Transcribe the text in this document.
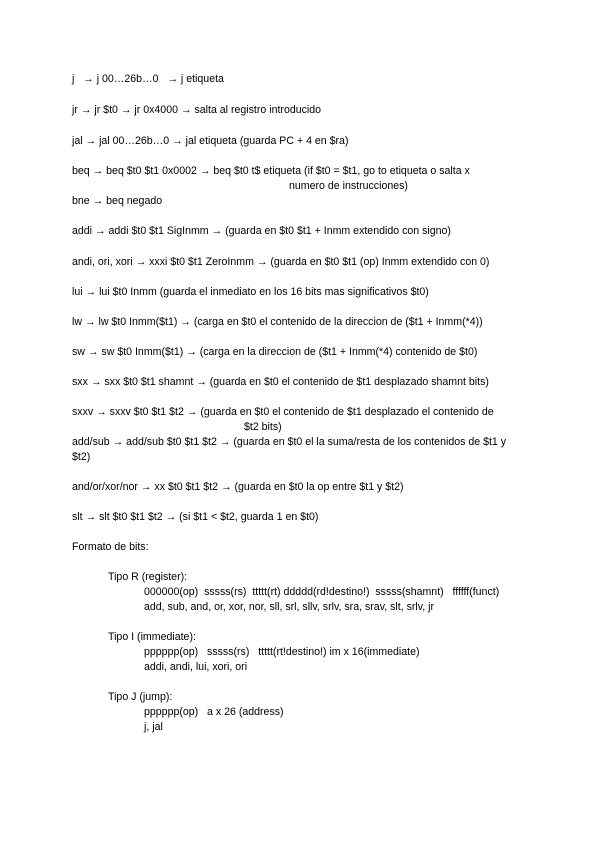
j   → j 00…26b…0   → j etiqueta
jr → jr $t0 → jr 0x4000 → salta al registro introducido
jal → jal 00…26b…0 → jal etiqueta (guarda PC + 4 en $ra)
beq → beq $t0 $t1 0x0002 → beq $t0 t$ etiqueta (if $t0 = $t1, go to etiqueta o salta x
numero de instrucciones)
bne → beq negado
addi → addi $t0 $t1 SigInmm → (guarda en $t0 $t1 + Inmm extendido con signo)
andi, ori, xori → xxxi $t0 $t1 ZeroInmm → (guarda en $t0 $t1 (op) Inmm extendido con 0)
lui → lui $t0 Inmm (guarda el inmediato en los 16 bits mas significativos $t0)
lw → lw $t0 Inmm($t1) → (carga en $t0 el contenido de la direccion de ($t1 + Inmm(*4))
sw → sw $t0 Inmm($t1) → (carga en la direccion de ($t1 + Inmm(*4) contenido de $t0)
sxx → sxx $t0 $t1 shamnt → (guarda en $t0 el contenido de $t1 desplazado shamnt bits)
sxxv → sxxv $t0 $t1 $t2 → (guarda en $t0 el contenido de $t1 desplazado el contenido de
$t2 bits)
add/sub → add/sub $t0 $t1 $t2 → (guarda en $t0 el la suma/resta de los contenidos de $t1 y
$t2)
and/or/xor/nor → xx $t0 $t1 $t2 → (guarda en $t0 la op entre $t1 y $t2)
slt → slt $t0 $t1 $t2 → (si $t1 < $t2, guarda 1 en $t0)
Formato de bits:
Tipo R (register):
000000(op)  sssss(rs)  ttttt(rt) ddddd(rd!destino!)  sssss(shamnt)   ffffff(funct)
add, sub, and, or, xor, nor, sll, srl, sllv, srlv, sra, srav, slt, srlv, jr
Tipo I (immediate):
pppppp(op)   sssss(rs)   ttttt(rt!destino!) im x 16(immediate)
addi, andi, lui, xori, ori
Tipo J (jump):
pppppp(op)   a x 26 (address)
j, jal
